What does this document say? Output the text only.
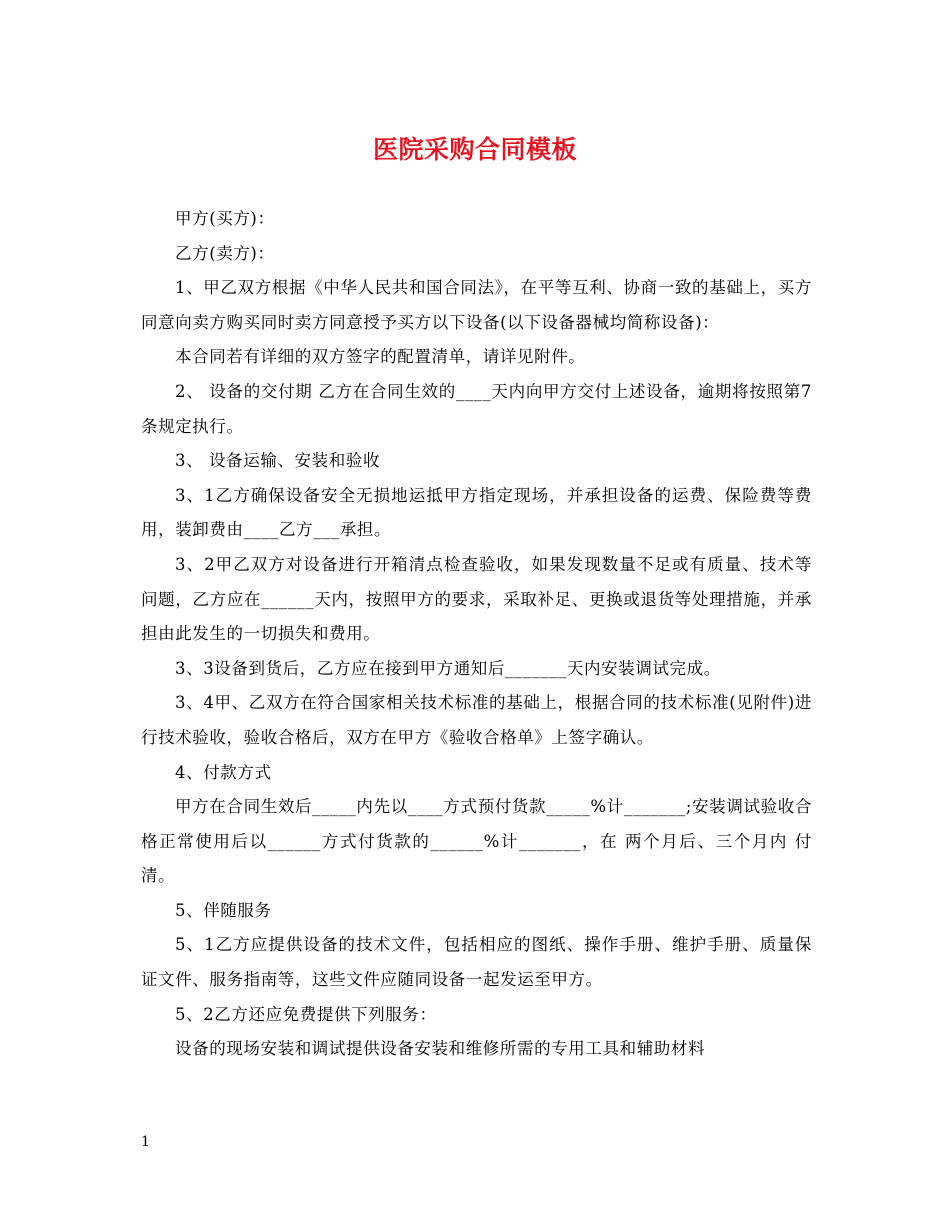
医院采购合同模板

甲方(买方)：

乙方(卖方)：

1、甲乙双方根据《中华人民共和国合同法》，在平等互利、协商一致的基础上，买方同意向卖方购买同时卖方同意授予买方以下设备(以下设备器械均简称设备)：

本合同若有详细的双方签字的配置清单，请详见附件。

2、 设备的交付期 乙方在合同生效的____天内向甲方交付上述设备，逾期将按照第7条规定执行。

3、 设备运输、安装和验收

3、1乙方确保设备安全无损地运抵甲方指定现场，并承担设备的运费、保险费等费用，装卸费由____乙方___承担。

3、2甲乙双方对设备进行开箱清点检查验收，如果发现数量不足或有质量、技术等问题，乙方应在______天内，按照甲方的要求，采取补足、更换或退货等处理措施，并承担由此发生的一切损失和费用。

3、3设备到货后，乙方应在接到甲方通知后_______天内安装调试完成。

3、4甲、乙双方在符合国家相关技术标准的基础上，根据合同的技术标准(见附件)进行技术验收，验收合格后，双方在甲方《验收合格单》上签字确认。

4、付款方式

甲方在合同生效后_____内先以____方式预付货款_____%计_______;安装调试验收合格正常使用后以______方式付货款的______%计_______，在 两个月后、三个月内 付清。

5、伴随服务

5、1乙方应提供设备的技术文件，包括相应的图纸、操作手册、维护手册、质量保证文件、服务指南等，这些文件应随同设备一起发运至甲方。

5、2乙方还应免费提供下列服务：

设备的现场安装和调试提供设备安装和维修所需的专用工具和辅助材料

1
